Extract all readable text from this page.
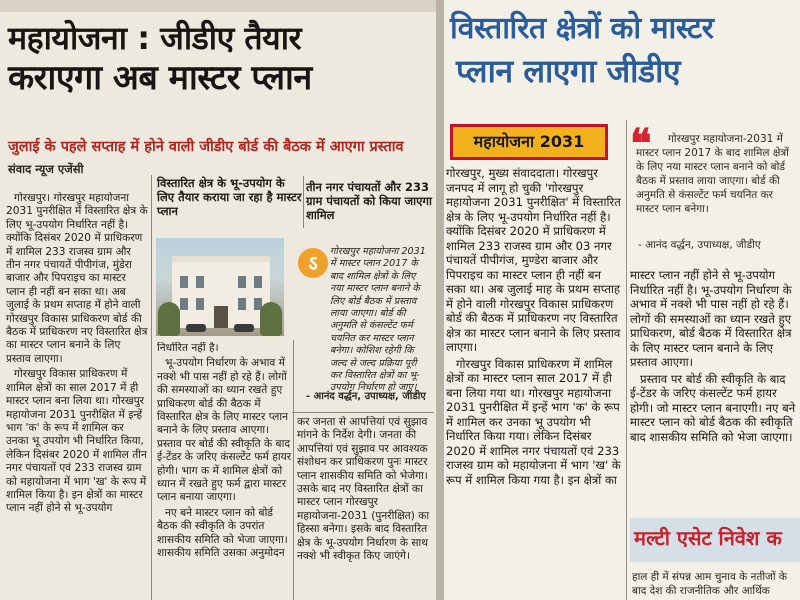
महायोजना : जीडीए तैयार
कराएगा अब मास्टर प्लान
जुलाई के पहले सप्ताह में होने वाली जीडीए बोर्ड की बैठक में आएगा प्रस्ताव
संवाद न्यूज एजेंसी

गोरखपुर। गोरखपुर महायोजना 2031 पुनरीक्षित में विस्तारित क्षेत्र के लिए भू-उपयोग निर्धारित नहीं है। क्योंकि दिसंबर 2020 में प्राधिकरण में शामिल 233 राजस्व ग्राम और तीन नगर पंचायतें पीपीगंज, मुंडेरा बाजार और पिपराइच का मास्टर प्लान ही नहीं बन सका था। अब जुलाई के प्रथम सप्ताह में होने वाली गोरखपुर विकास प्राधिकरण बोर्ड की बैठक में प्राधिकरण नए विस्तारित क्षेत्र का मास्टर प्लान बनाने के लिए प्रस्ताव लाएगा।

गोरखपुर विकास प्राधिकरण में शामिल क्षेत्रों का साल 2017 में ही मास्टर प्लान बना लिया था। गोरखपुर महायोजना 2031 पुनरीक्षित में इन्हें भाग 'क' के रूप में शामिल कर उनका भू उपयोग भी निर्धारित किया, लेकिन दिसंबर 2020 में शामिल तीन नगर पंचायतों एवं 233 राजस्व ग्राम को महायोजना में भाग 'ख' के रूप में शामिल किया है। इन क्षेत्रों का मास्टर प्लान नहीं होने से भू-उपयोग

विस्तारित क्षेत्र के भू-उपयोग के लिए तैयार कराया जा रहा है मास्टर प्लान
तीन नगर पंचायतों और 233 ग्राम पंचायतों को किया जाएगा शामिल
ऽ	गोरखपुर महायोजना 2031 में मास्टर प्लान 2017 के बाद शामिल क्षेत्रों के लिए नया मास्टर प्लान बनाने के लिए बोर्ड बैठक में प्रस्ताव लाया जाएगा। बोर्ड की अनुमति से कंसल्टेंट फर्म चयनित कर मास्टर प्लान बनेगा। कोशिश रहेगी कि जल्द से जल्द प्रक्रिया पूरी कर विस्तारित क्षेत्रों का भू-उपयोग निर्धारण हो जाए।
- आनंद वर्द्धन, उपाध्यक्ष, जीडीए

निर्धारित नहीं है।

भू-उपयोग निर्धारण के अभाव में नक्शे भी पास नहीं हो रहे हैं। लोगों की समस्याओं का ध्यान रखते हुए प्राधिकरण बोर्ड की बैठक में विस्तारित क्षेत्र के लिए मास्टर प्लान बनाने के लिए प्रस्ताव आएगा। प्रस्ताव पर बोर्ड की स्वीकृति के बाद ई-टेंडर के जरिए कंसल्टेंट फर्म हायर होगी। भाग क में शामिल क्षेत्रों को ध्यान में रखते हुए फर्म द्वारा मास्टर प्लान बनाया जाएगा।

नए बने मास्टर प्लान को बोर्ड बैठक की स्वीकृति के उपरांत शासकीय समिति को भेजा जाएगा। शासकीय समिति उसका अनुमोदन

कर जनता से आपत्तियां एवं सुझाव मांगने के निर्देश देगी। जनता की आपत्तियां एवं सुझाव पर आवश्यक संशोधन कर प्राधिकरण पुनः मास्टर प्लान शासकीय समिति को भेजेगा। उसके बाद नए विस्तारित क्षेत्रों का मास्टर प्लान गोरखपुर महायोजना-2031 (पुनरीक्षित) का हिस्सा बनेगा। इसके बाद विस्तारित क्षेत्र के भू-उपयोग निर्धारण के साथ नक्शे भी स्वीकृत किए जाएंगे।

विस्तारित क्षेत्रों को मास्टर
प्लान लाएगा जीडीए
महायोजना 2031	❝	गोरखपुर महायोजना-2031 में मास्टर प्लान 2017 के बाद शामिल क्षेत्रों के लिए नया मास्टर प्लान बनाने को बोर्ड बैठक में प्रस्ताव लाया जाएगा। बोर्ड की अनुमति से कंसल्टेंट फर्म चयनित कर मास्टर प्लान बनेगा।
- आनंद वर्द्धन, उपाध्यक्ष, जीडीए

गोरखपुर, मुख्य संवाददाता। गोरखपुर जनपद में लागू हो चुकी 'गोरखपुर महायोजना 2031 पुनरीक्षित' में विस्तारित क्षेत्र के लिए भू-उपयोग निर्धारित नहीं है। क्योंकि दिसंबर 2020 में प्राधिकरण में शामिल 233 राजस्व ग्राम और 03 नगर पंचायतें पीपीगंज, मुण्डेरा बाजार और पिपराइच का मास्टर प्लान ही नहीं बन सका था। अब जुलाई माह के प्रथम सप्ताह में होने वाली गोरखपुर विकास प्राधिकरण बोर्ड की बैठक में प्राधिकरण नए विस्तारित क्षेत्र का मास्टर प्लान बनाने के लिए प्रस्ताव लाएगा।

गोरखपुर विकास प्राधिकरण में शामिल क्षेत्रों का मास्टर प्लान साल 2017 में ही बना लिया गया था। गोरखपुर महायोजना 2031 पुनरीक्षित में इन्हें भाग 'क' के रूप में शामिल कर उनका भू उपयोग भी निर्धारित किया गया। लेकिन दिसंबर 2020 में शामिल नगर पंचायतों एवं 233 राजस्व ग्राम को महायोजना में भाग 'ख' के रूप में शामिल किया गया है। इन क्षेत्रों का

मास्टर प्लान नहीं होने से भू-उपयोग निर्धारित नहीं है। भू-उपयोग निर्धारण के अभाव में नक्शे भी पास नहीं हो रहे हैं। लोगों की समस्याओं का ध्यान रखते हुए प्राधिकरण, बोर्ड बैठक में विस्तारित क्षेत्र के लिए मास्टर प्लान बनाने के लिए प्रस्ताव आएगा।

प्रस्ताव पर बोर्ड की स्वीकृति के बाद ई-टेंडर के जरिए कंसल्टेंट फर्म हायर होगी। जो मास्टर प्लान बनाएगी। नए बने मास्टर प्लान को बोर्ड बैठक की स्वीकृति बाद शासकीय समिति को भेजा जाएगा।

मल्टी एसेट निवेश क
हाल ही में संपन्न आम चुनाव के नतीजों के बाद देश की राजनीतिक और आर्थिक
